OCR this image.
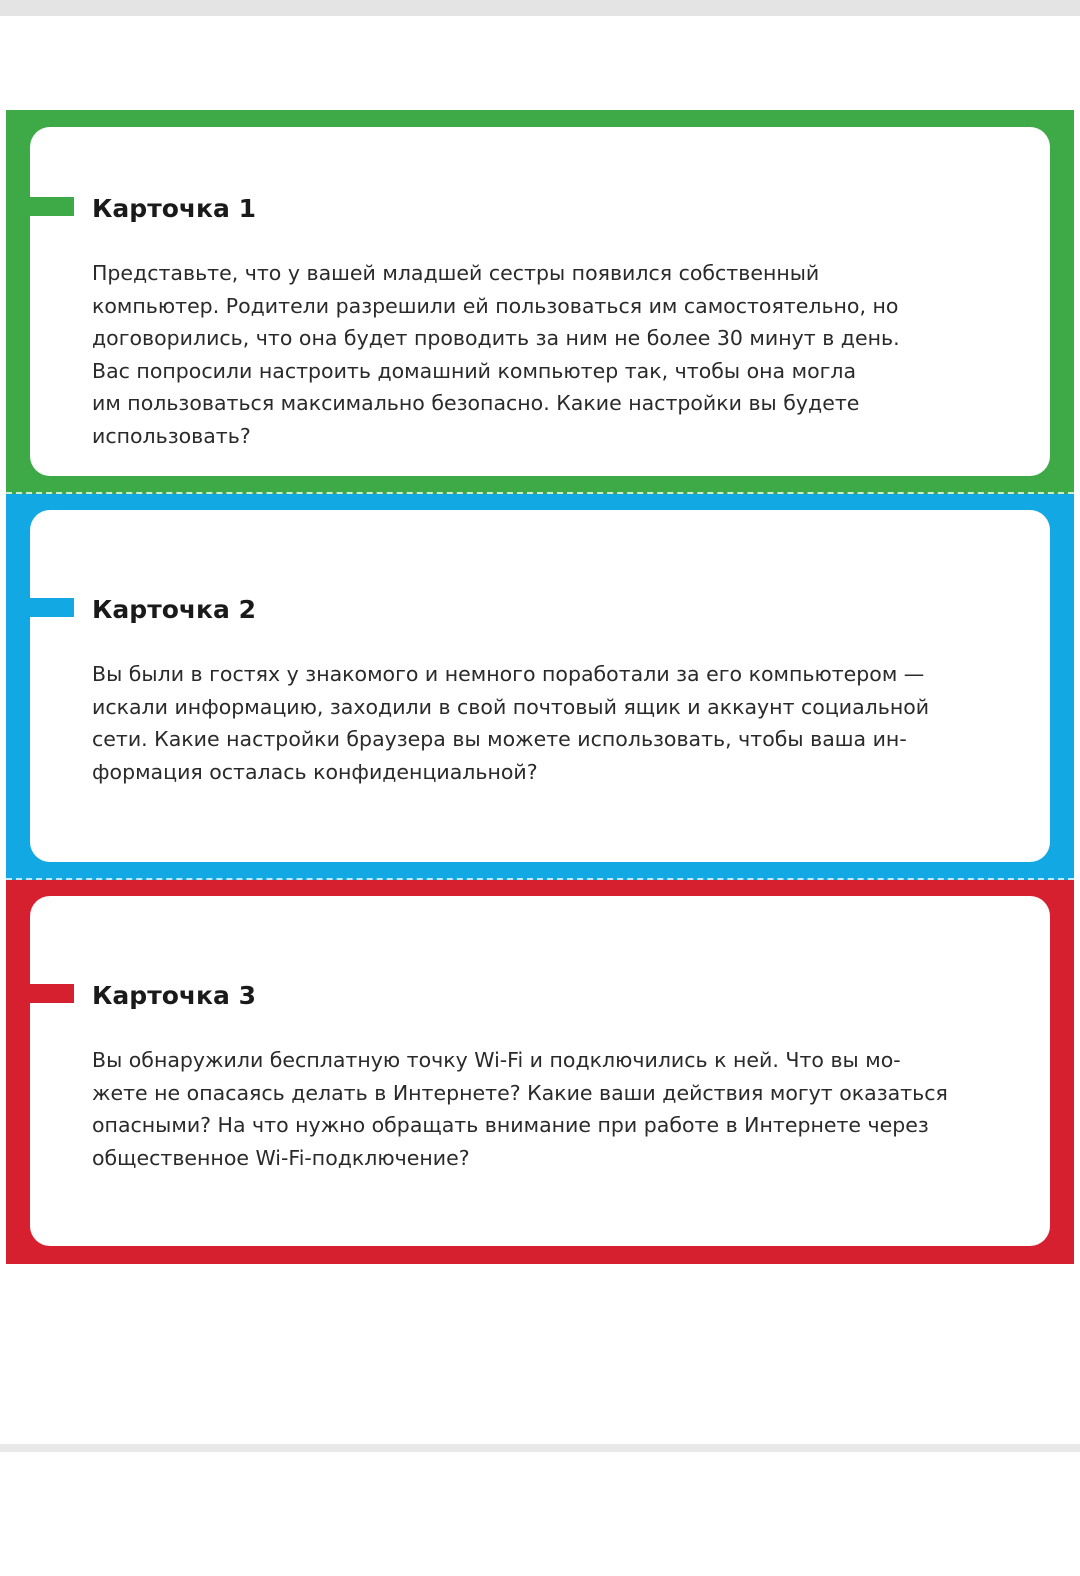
Карточка 1

Представьте, что у вашей младшей сестры появился собственный
компьютер. Родители разрешили ей пользоваться им самостоятельно, но
договорились, что она будет проводить за ним не более 30 минут в день.
Вас попросили настроить домашний компьютер так, чтобы она могла
им пользоваться максимально безопасно. Какие настройки вы будете
использовать?

Карточка 2

Вы были в гостях у знакомого и немного поработали за его компьютером —
искали информацию, заходили в свой почтовый ящик и аккаунт социальной
сети. Какие настройки браузера вы можете использовать, чтобы ваша ин-
формация осталась конфиденциальной?

Карточка 3

Вы обнаружили бесплатную точку Wi-Fi и подключились к ней. Что вы мо-
жете не опасаясь делать в Интернете? Какие ваши действия могут оказаться
опасными? На что нужно обращать внимание при работе в Интернете через
общественное Wi-Fi-подключение?
